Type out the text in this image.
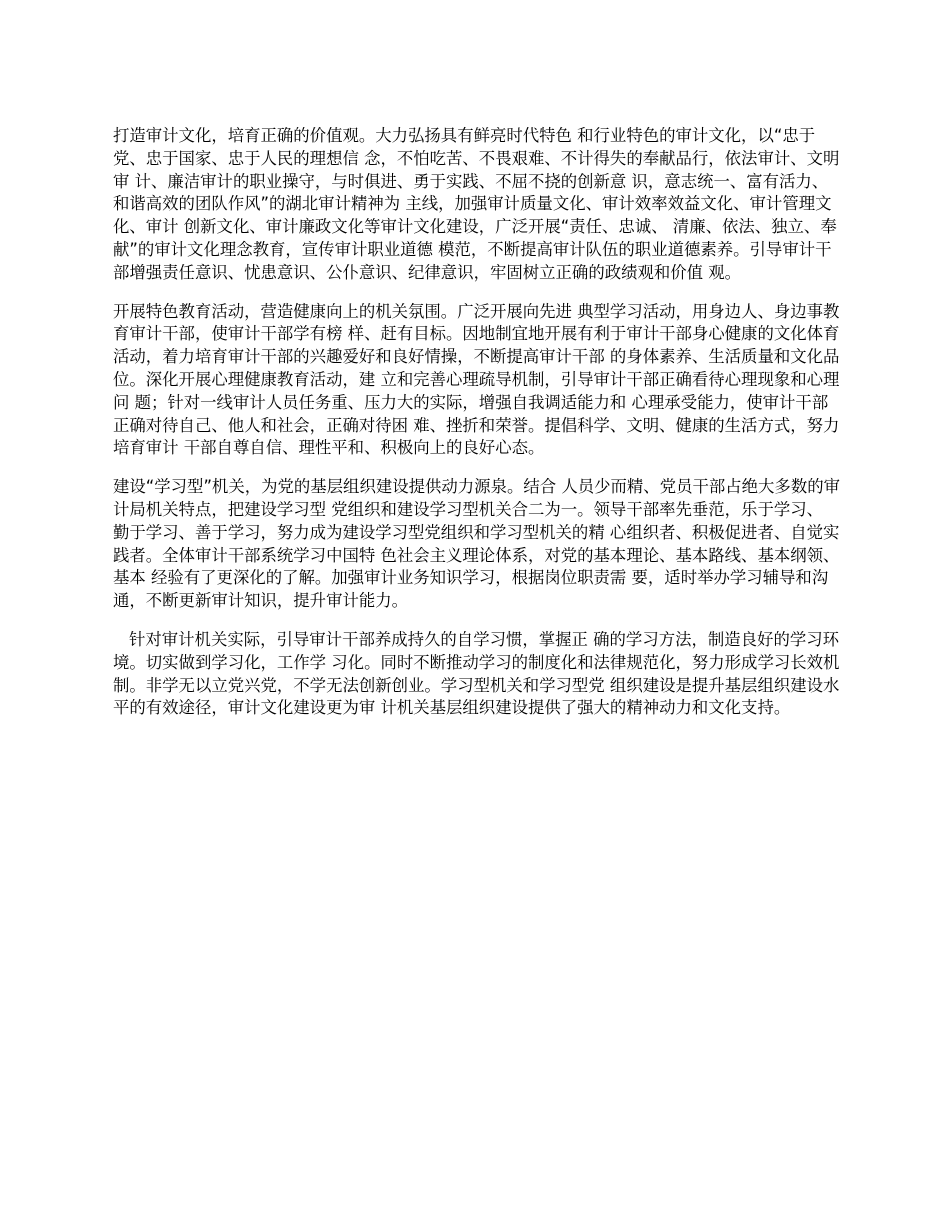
打造审计文化，培育正确的价值观。大力弘扬具有鲜亮时代特色 和行业特色的审计文化，以“忠于党、忠于国家、忠于人民的理想信 念，不怕吃苦、不畏艰难、不计得失的奉献品行，依法审计、文明审 计、廉洁审计的职业操守，与时俱进、勇于实践、不屈不挠的创新意 识，意志统一、富有活力、和谐高效的团队作风”的湖北审计精神为 主线，加强审计质量文化、审计效率效益文化、审计管理文化、审计 创新文化、审计廉政文化等审计文化建设，广泛开展“责任、忠诚、 清廉、依法、独立、奉献”的审计文化理念教育，宣传审计职业道德 模范，不断提高审计队伍的职业道德素养。引导审计干部增强责任意识、忧患意识、公仆意识、纪律意识，牢固树立正确的政绩观和价值 观。

开展特色教育活动，营造健康向上的机关氛围。广泛开展向先进 典型学习活动，用身边人、身边事教育审计干部，使审计干部学有榜 样、赶有目标。因地制宜地开展有利于审计干部身心健康的文化体育 活动，着力培育审计干部的兴趣爱好和良好情操，不断提高审计干部 的身体素养、生活质量和文化品位。深化开展心理健康教育活动，建 立和完善心理疏导机制，引导审计干部正确看待心理现象和心理问 题；针对一线审计人员任务重、压力大的实际，增强自我调适能力和 心理承受能力，使审计干部正确对待自己、他人和社会，正确对待困 难、挫折和荣誉。提倡科学、文明、健康的生活方式，努力培育审计 干部自尊自信、理性平和、积极向上的良好心态。

建设“学习型”机关，为党的基层组织建设提供动力源泉。结合 人员少而精、党员干部占绝大多数的审计局机关特点，把建设学习型 党组织和建设学习型机关合二为一。领导干部率先垂范，乐于学习、 勤于学习、善于学习，努力成为建设学习型党组织和学习型机关的精 心组织者、积极促进者、自觉实践者。全体审计干部系统学习中国特 色社会主义理论体系，对党的基本理论、基本路线、基本纲领、基本 经验有了更深化的了解。加强审计业务知识学习，根据岗位职责需 要，适时举办学习辅导和沟通，不断更新审计知识，提升审计能力。

针对审计机关实际，引导审计干部养成持久的自学习惯，掌握正 确的学习方法，制造良好的学习环境。切实做到学习化，工作学 习化。同时不断推动学习的制度化和法律规范化，努力形成学习长效机 制。非学无以立党兴党，不学无法创新创业。学习型机关和学习型党 组织建设是提升基层组织建设水平的有效途径，审计文化建设更为审 计机关基层组织建设提供了强大的精神动力和文化支持。
